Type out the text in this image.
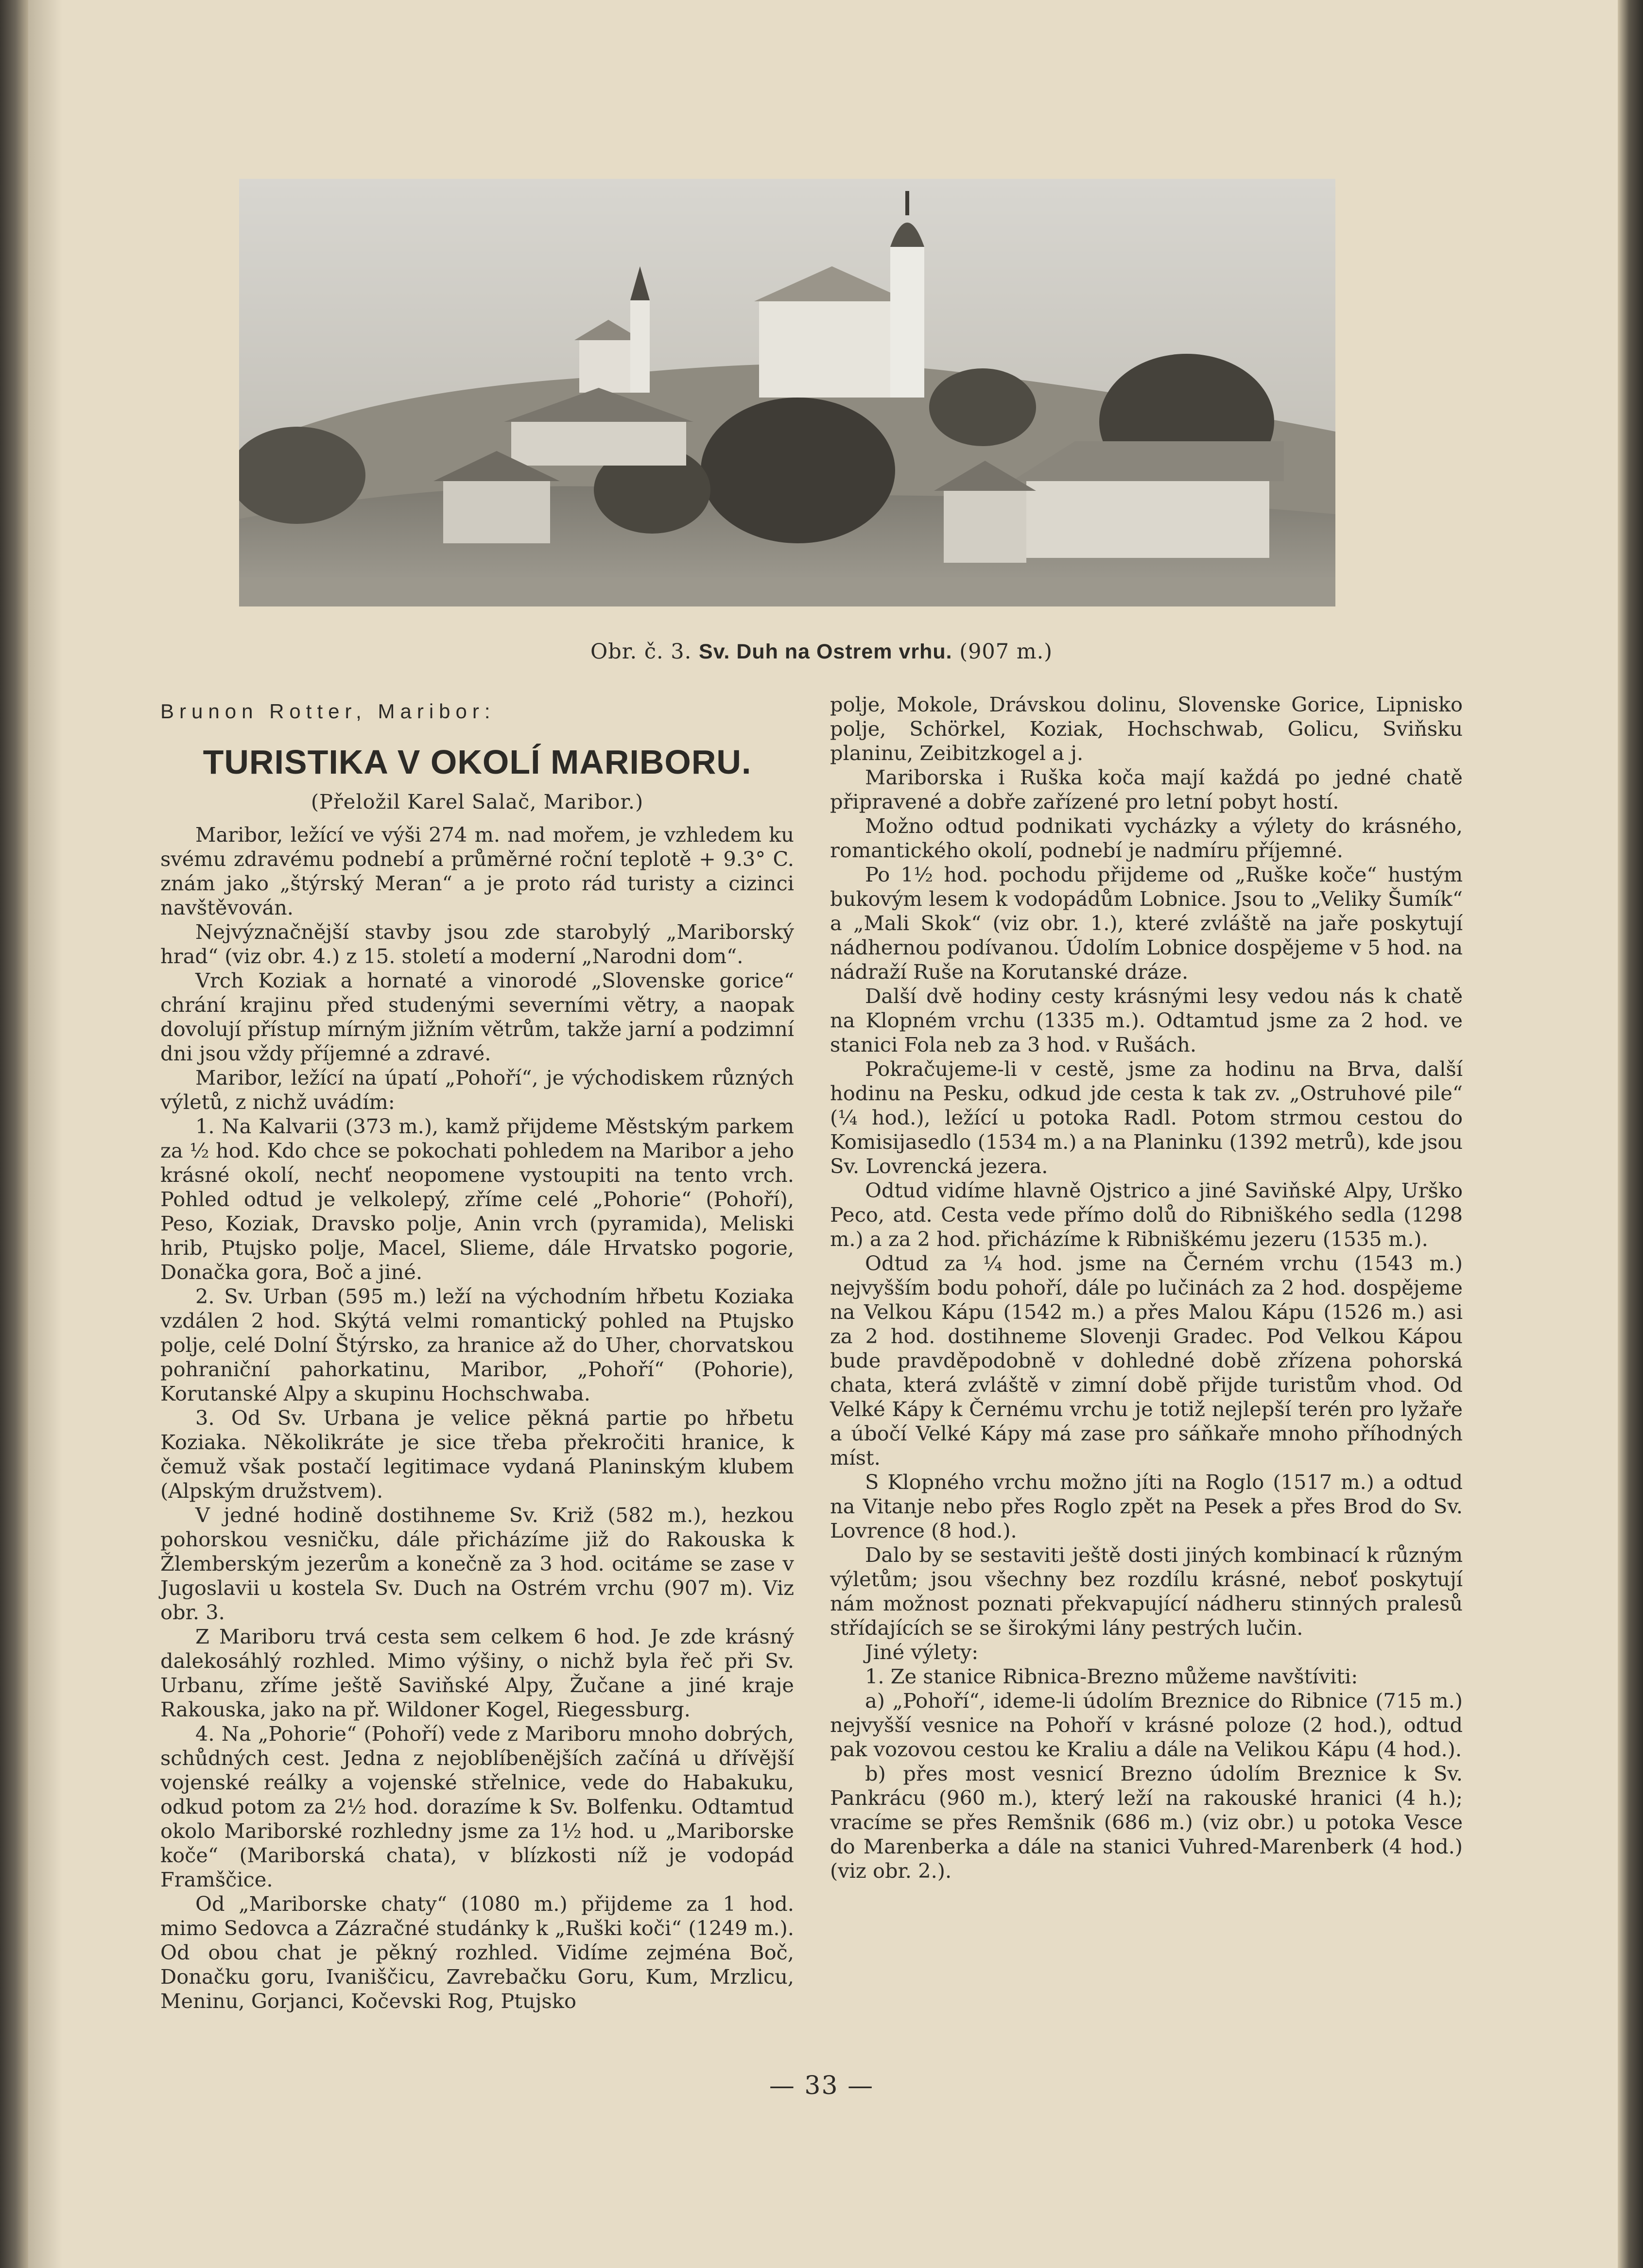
Obr. č. 3. Sv. Duh na Ostrem vrhu. (907 m.)
Brunon Rotter, Maribor:
TURISTIKA V OKOLÍ MARIBORU.
(Přeložil Karel Salač, Maribor.)

Maribor, ležící ve výši 274 m. nad mořem, je vzhledem ku svému zdravému podnebí a průměrné roční teplotě + 9.3° C. znám jako „štýrský Meran“ a je proto rád turisty a cizinci navštěvován.

Nejvýznačnější stavby jsou zde starobylý „Mariborský hrad“ (viz obr. 4.) z 15. století a moderní „Narodni dom“.

Vrch Koziak a hornaté a vinorodé „Slovenske gorice“ chrání krajinu před studenými severními větry, a naopak dovolují přístup mírným jižním větrům, takže jarní a podzimní dni jsou vždy příjemné a zdravé.

Maribor, ležící na úpatí „Pohoří“, je východiskem různých výletů, z nichž uvádím:

1. Na Kalvarii (373 m.), kamž přijdeme Městským parkem za ½ hod. Kdo chce se pokochati pohledem na Maribor a jeho krásné okolí, nechť neopomene vystoupiti na tento vrch. Pohled odtud je velkolepý, zříme celé „Pohorie“ (Pohoří), Peso, Koziak, Dravsko polje, Anin vrch (pyramida), Meliski hrib, Ptujsko polje, Macel, Slieme, dále Hrvatsko pogorie, Donačka gora, Boč a jiné.

2. Sv. Urban (595 m.) leží na východním hřbetu Koziaka vzdálen 2 hod. Skýtá velmi romantický pohled na Ptujsko polje, celé Dolní Štýrsko, za hranice až do Uher, chorvatskou pohraniční pahorkatinu, Maribor, „Pohoří“ (Pohorie), Korutanské Alpy a skupinu Hochschwaba.

3. Od Sv. Urbana je velice pěkná partie po hřbetu Koziaka. Několikráte je sice třeba překročiti hranice, k čemuž však postačí legitimace vydaná Planinským klubem (Alpským družstvem).

V jedné hodině dostihneme Sv. Križ (582 m.), hezkou pohorskou vesničku, dále přicházíme již do Rakouska k Žlemberským jezerům a konečně za 3 hod. ocitáme se zase v Jugoslavii u kostela Sv. Duch na Ostrém vrchu (907 m). Viz obr. 3.

Z Mariboru trvá cesta sem celkem 6 hod. Je zde krásný dalekosáhlý rozhled. Mimo výšiny, o nichž byla řeč při Sv. Urbanu, zříme ještě Saviňské Alpy, Žučane a jiné kraje Rakouska, jako na př. Wildoner Kogel, Riegessburg.

4. Na „Pohorie“ (Pohoří) vede z Mariboru mnoho dobrých, schůdných cest. Jedna z nejoblíbenějších začíná u dřívější vojenské reálky a vojenské střelnice, vede do Habakuku, odkud potom za 2½ hod. dorazíme k Sv. Bolfenku. Odtamtud okolo Mariborské rozhledny jsme za 1½ hod. u „Mariborske koče“ (Mariborská chata), v blízkosti níž je vodopád Framščice.

Od „Mariborske chaty“ (1080 m.) přijdeme za 1 hod. mimo Sedovca a Zázračné studánky k „Ruški koči“ (1249 m.). Od obou chat je pěkný rozhled. Vidíme zejména Boč, Donačku goru, Ivaniščicu, Zavrebačku Goru, Kum, Mrzlicu, Meninu, Gorjanci, Kočevski Rog, Ptujsko

polje, Mokole, Drávskou dolinu, Slovenske Gorice, Lipnisko polje, Schörkel, Koziak, Hochschwab, Golicu, Sviňsku planinu, Zeibitzkogel a j.

Mariborska i Ruška koča mají každá po jedné chatě připravené a dobře zařízené pro letní pobyt hostí.

Možno odtud podnikati vycházky a výlety do krásného, romantického okolí, podnebí je nadmíru příjemné.

Po 1½ hod. pochodu přijdeme od „Ruške koče“ hustým bukovým lesem k vodopádům Lobnice. Jsou to „Veliky Šumík“ a „Mali Skok“ (viz obr. 1.), které zvláště na jaře poskytují nádhernou podívanou. Údolím Lobnice dospějeme v 5 hod. na nádraží Ruše na Korutanské dráze.

Další dvě hodiny cesty krásnými lesy vedou nás k chatě na Klopném vrchu (1335 m.). Odtamtud jsme za 2 hod. ve stanici Fola neb za 3 hod. v Rušách.

Pokračujeme-li v cestě, jsme za hodinu na Brva, další hodinu na Pesku, odkud jde cesta k tak zv. „Ostruhové pile“ (¼ hod.), ležící u potoka Radl. Potom strmou cestou do Komisijasedlo (1534 m.) a na Planinku (1392 metrů), kde jsou Sv. Lovrencká jezera.

Odtud vidíme hlavně Ojstrico a jiné Saviňské Alpy, Urško Peco, atd. Cesta vede přímo dolů do Ribniškého sedla (1298 m.) a za 2 hod. přicházíme k Ribniškému jezeru (1535 m.).

Odtud za ¼ hod. jsme na Černém vrchu (1543 m.) nejvyšším bodu pohoří, dále po lučinách za 2 hod. dospějeme na Velkou Kápu (1542 m.) a přes Malou Kápu (1526 m.) asi za 2 hod. dostihneme Slovenji Gradec. Pod Velkou Kápou bude pravděpodobně v dohledné době zřízena pohorská chata, která zvláště v zimní době přijde turistům vhod. Od Velké Kápy k Černému vrchu je totiž nejlepší terén pro lyžaře a úbočí Velké Kápy má zase pro sáňkaře mnoho příhodných míst.

S Klopného vrchu možno jíti na Roglo (1517 m.) a odtud na Vitanje nebo přes Roglo zpět na Pesek a přes Brod do Sv. Lovrence (8 hod.).

Dalo by se sestaviti ještě dosti jiných kombinací k různým výletům; jsou všechny bez rozdílu krásné, neboť poskytují nám možnost poznati překvapující nádheru stinných pralesů střídajících se se širokými lány pestrých lučin.

Jiné výlety:

1. Ze stanice Ribnica-Brezno můžeme navštíviti:

a) „Pohoří“, ideme-li údolím Breznice do Ribnice (715 m.) nejvyšší vesnice na Pohoří v krásné poloze (2 hod.), odtud pak vozovou cestou ke Kraliu a dále na Velikou Kápu (4 hod.).

b) přes most vesnicí Brezno údolím Breznice k Sv. Pankrácu (960 m.), který leží na rakouské hranici (4 h.); vracíme se přes Remšnik (686 m.) (viz obr.) u potoka Vesce do Marenberka a dále na stanici Vuhred-Marenberk (4 hod.) (viz obr. 2.).

— 33 —
